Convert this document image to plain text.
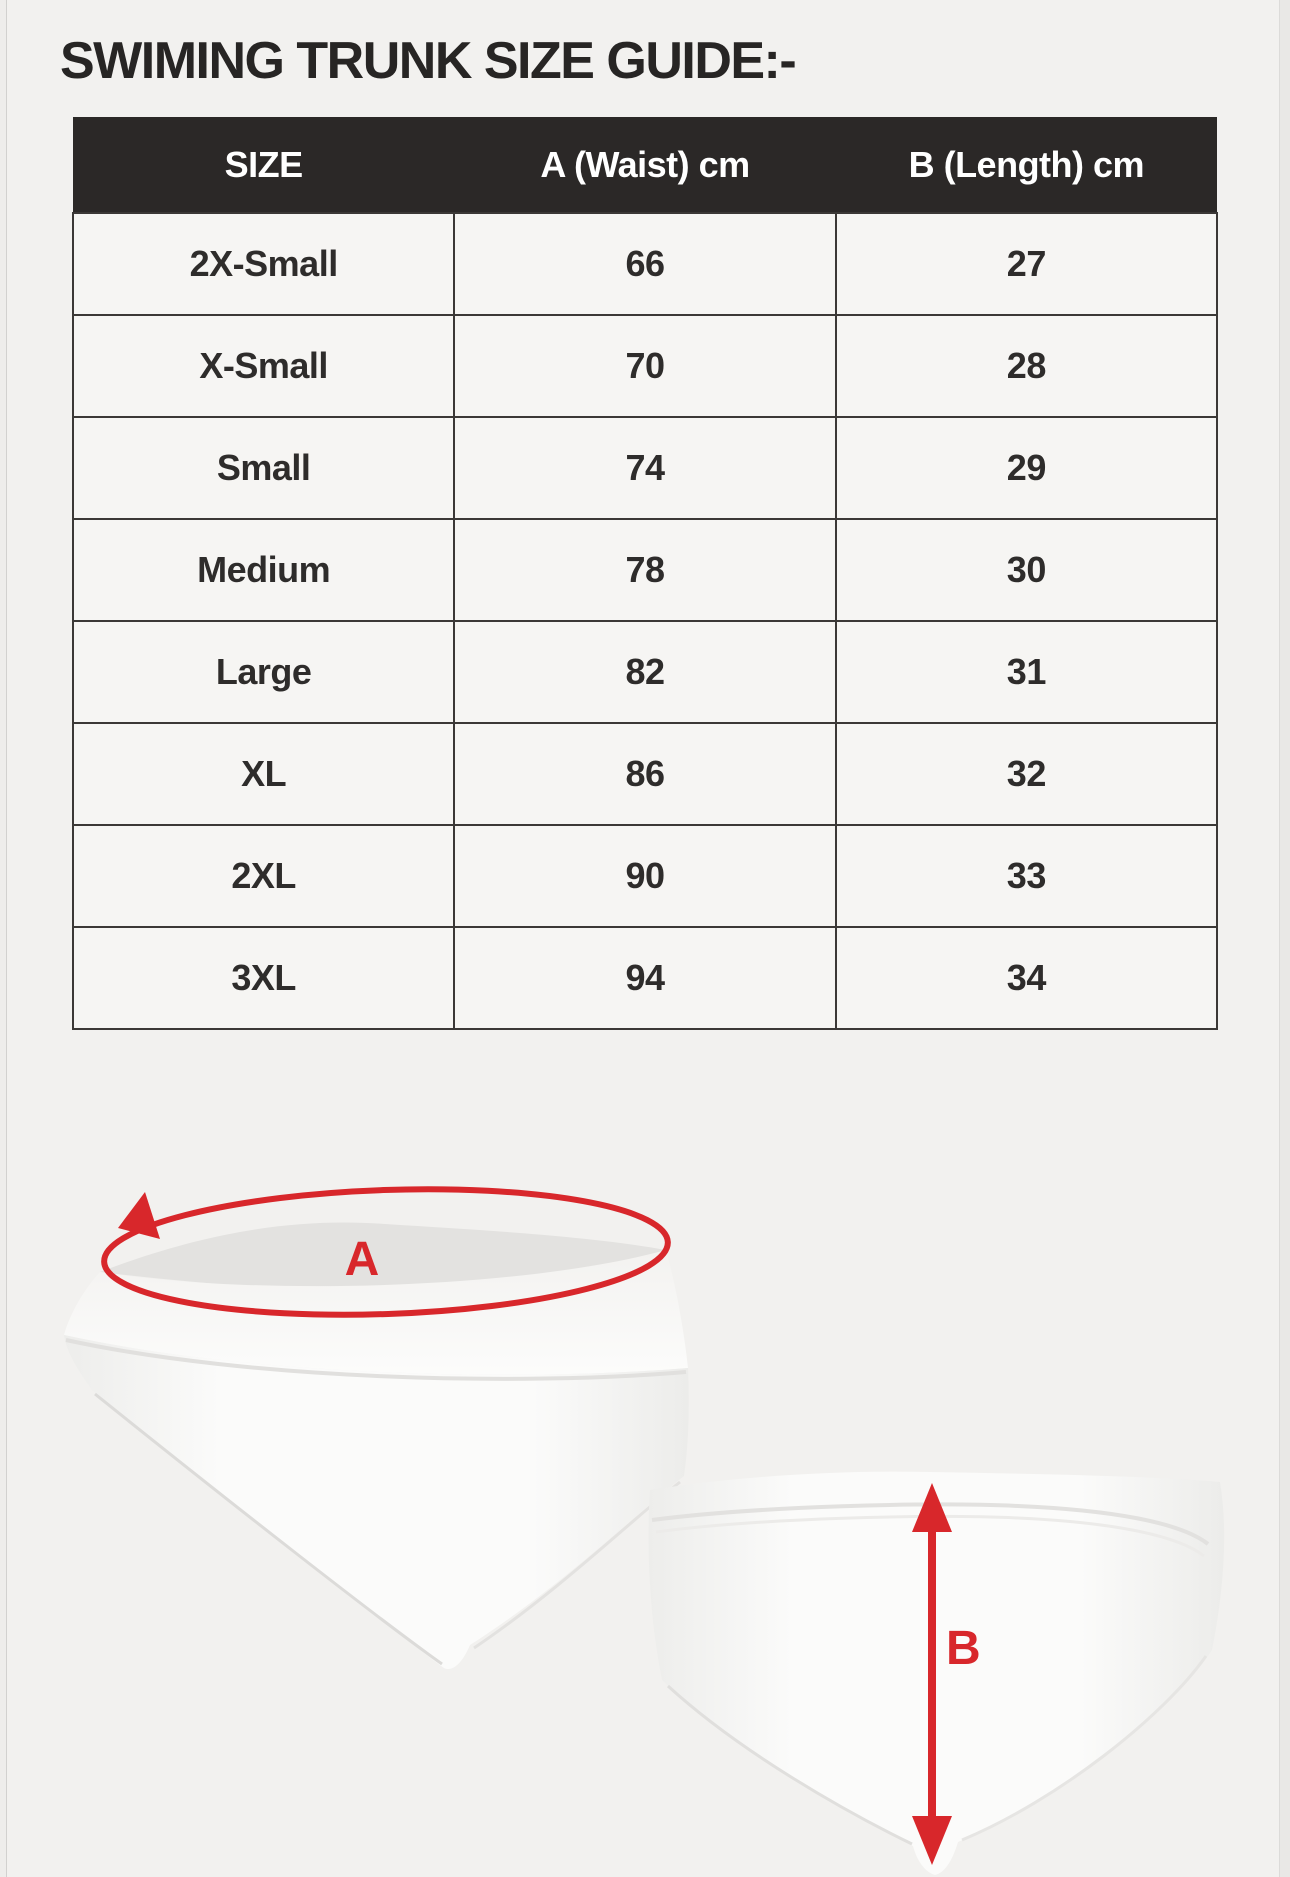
SWIMING TRUNK SIZE GUIDE:-
SIZE	A (Waist) cm	B (Length) cm
2X-Small	66	27
X-Small	70	28
Small	74	29
Medium	78	30
Large	82	31
XL	86	32
2XL	90	33
3XL	94	34
A
B
